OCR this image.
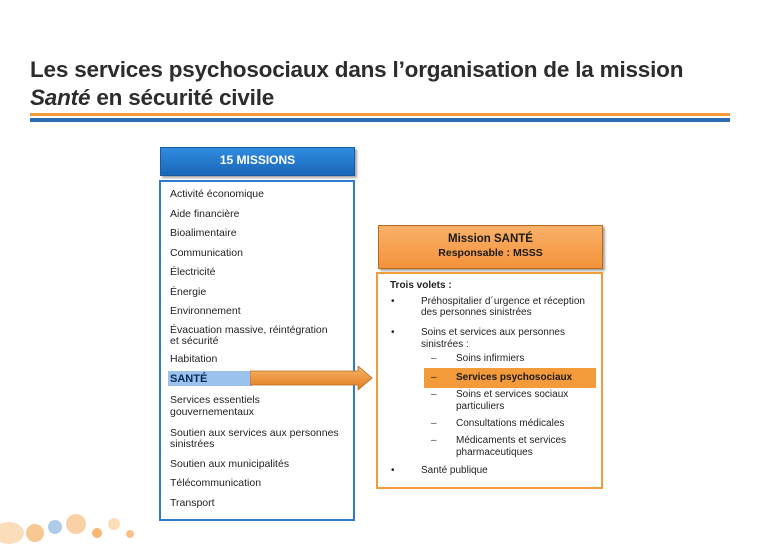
Les services psychosociaux dans l’organisation de la mission
Santé en sécurité civile
15 MISSIONS
Activité économique
Aide financière
Bioalimentaire
Communication
Électricité
Énergie
Environnement
Évacuation massive, réintégration
et sécurité
Habitation
SANTÉ
Services essentiels
gouvernementaux
Soutien aux services aux personnes
sinistrées
Soutien aux municipalités
Télécommunication
Transport
Mission SANTÉ
Responsable : MSSS
Trois volets :
•	Préhospitalier d´urgence et réception
des personnes sinistrées
•	Soins et services aux personnes
sinistrées :
– Soins infirmiers
– Services psychosociaux
– Soins et services sociaux
particuliers
– Consultations médicales
– Médicaments et services
pharmaceutiques
•	Santé publique
